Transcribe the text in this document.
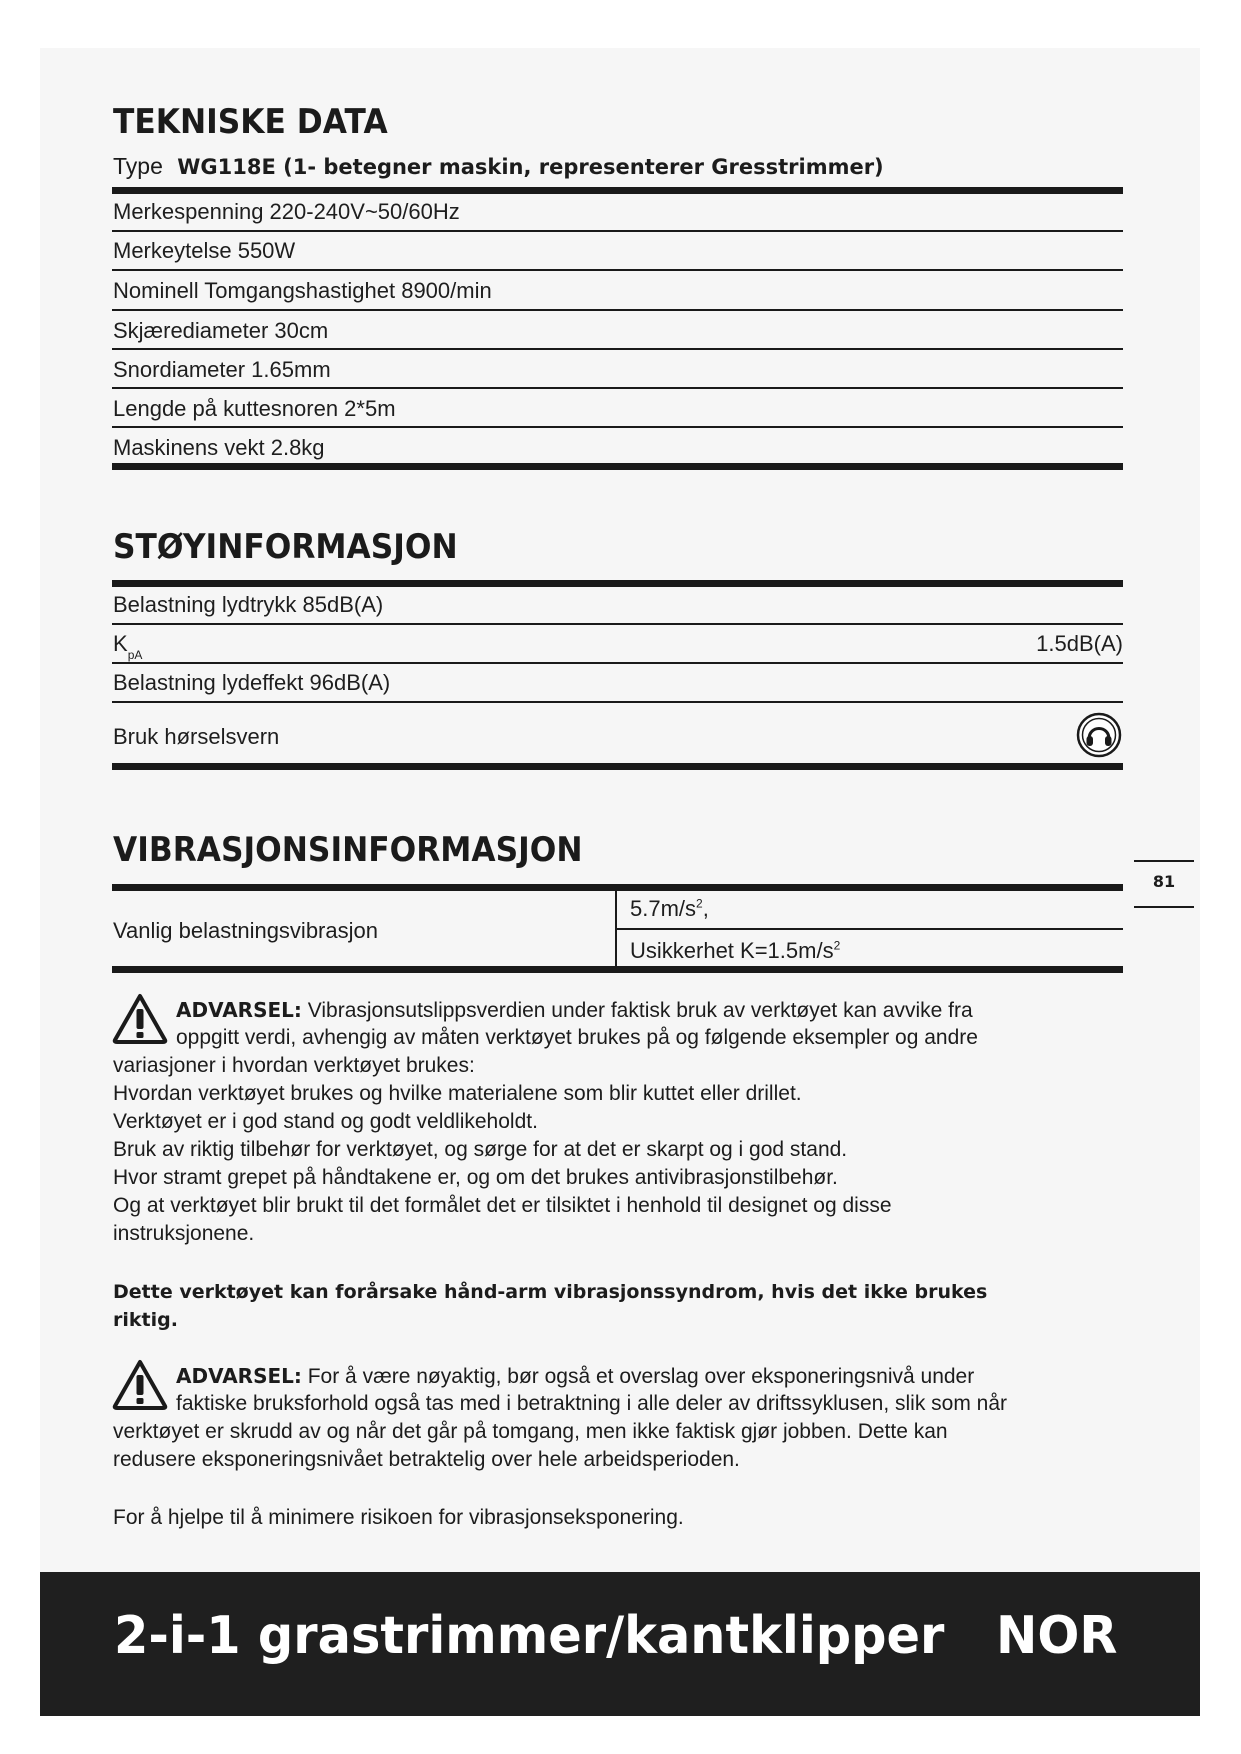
TEKNISKE DATA
Type WG118E (1- betegner maskin, representerer Gresstrimmer)
Merkespenning 220-240V~50/60Hz
Merkeytelse 550W
Nominell Tomgangshastighet 8900/min
Skjærediameter 30cm
Snordiameter 1.65mm
Lengde på kuttesnoren 2*5m
Maskinens vekt 2.8kg
STØYINFORMASJON
Belastning lydtrykk 85dB(A)
$K_{pA}$	1.5dB(A)
Belastning lydeffekt 96dB(A)
Bruk hørselsvern
VIBRASJONSINFORMASJON
Vanlig belastningsvibrasjon
$5.7m/s^2$,
Usikkerhet $K=1.5m/s^2$
81
ADVARSEL: Vibrasjonsutslippsverdien under faktisk bruk av verktøyet kan avvike fra
oppgitt verdi, avhengig av måten verktøyet brukes på og følgende eksempler og andre
variasjoner i hvordan verktøyet brukes:
Hvordan verktøyet brukes og hvilke materialene som blir kuttet eller drillet.
Verktøyet er i god stand og godt veldlikeholdt.
Bruk av riktig tilbehør for verktøyet, og sørge for at det er skarpt og i god stand.
Hvor stramt grepet på håndtakene er, og om det brukes antivibrasjonstilbehør.
Og at verktøyet blir brukt til det formålet det er tilsiktet i henhold til designet og disse
instruksjonene.
Dette verktøyet kan forårsake hånd-arm vibrasjonssyndrom, hvis det ikke brukes
riktig.
ADVARSEL: For å være nøyaktig, bør også et overslag over eksponeringsnivå under
faktiske bruksforhold også tas med i betraktning i alle deler av driftssyklusen, slik som når
verktøyet er skrudd av og når det går på tomgang, men ikke faktisk gjør jobben. Dette kan
redusere eksponeringsnivået betraktelig over hele arbeidsperioden.
For å hjelpe til å minimere risikoen for vibrasjonseksponering.
2-i-1 grastrimmer/kantklipper NOR
